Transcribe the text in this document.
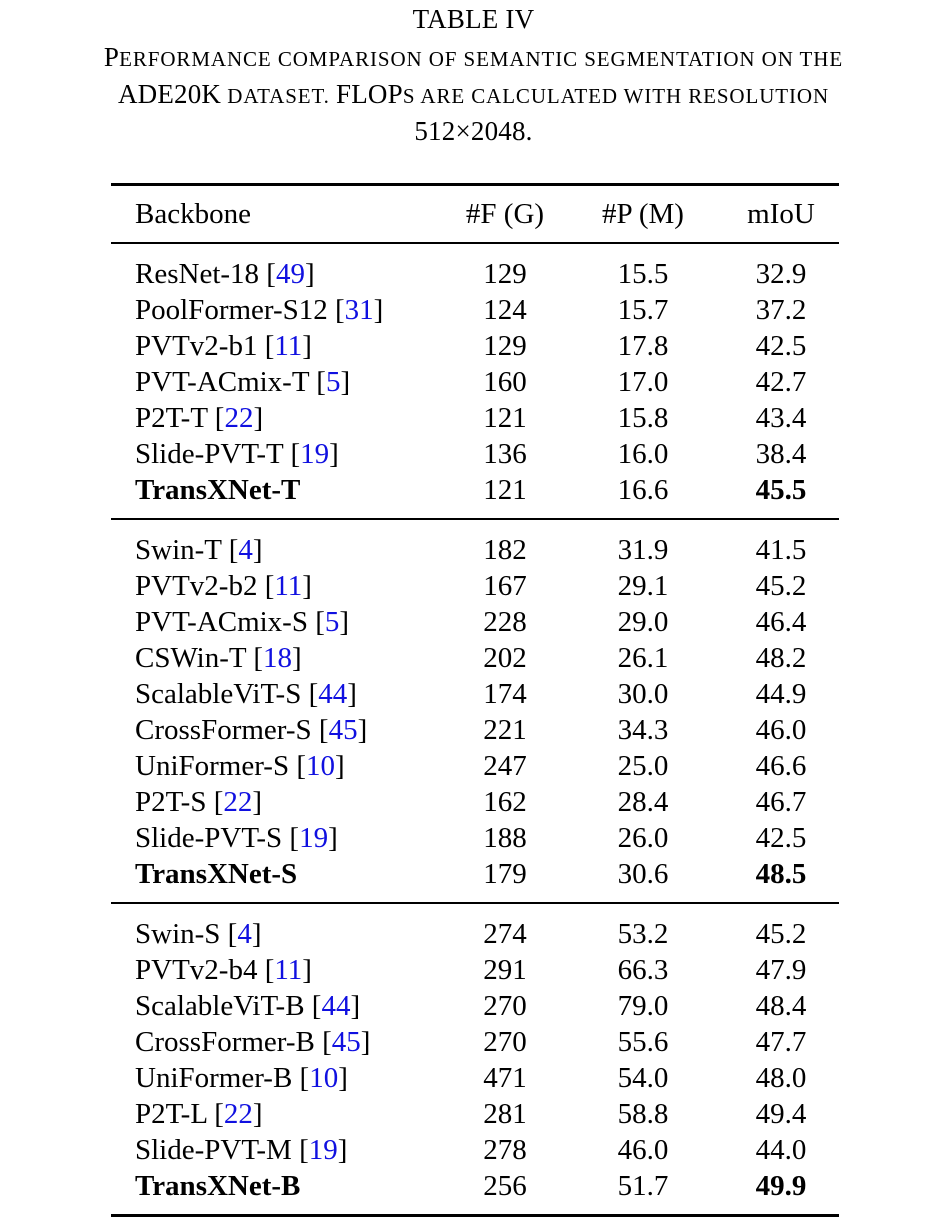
TABLE IV
PERFORMANCE COMPARISON OF SEMANTIC SEGMENTATION ON THE
ADE20K DATASET. FLOPS ARE CALCULATED WITH RESOLUTION
512×2048.
Backbone	#F (G)	#P (M)	mIoU

ResNet-18 [49]	129	15.5	32.9
PoolFormer-S12 [31]	124	15.7	37.2
PVTv2-b1 [11]	129	17.8	42.5
PVT-ACmix-T [5]	160	17.0	42.7
P2T-T [22]	121	15.8	43.4
Slide-PVT-T [19]	136	16.0	38.4
TransXNet-T	121	16.6	45.5

Swin-T [4]	182	31.9	41.5
PVTv2-b2 [11]	167	29.1	45.2
PVT-ACmix-S [5]	228	29.0	46.4
CSWin-T [18]	202	26.1	48.2
ScalableViT-S [44]	174	30.0	44.9
CrossFormer-S [45]	221	34.3	46.0
UniFormer-S [10]	247	25.0	46.6
P2T-S [22]	162	28.4	46.7
Slide-PVT-S [19]	188	26.0	42.5
TransXNet-S	179	30.6	48.5

Swin-S [4]	274	53.2	45.2
PVTv2-b4 [11]	291	66.3	47.9
ScalableViT-B [44]	270	79.0	48.4
CrossFormer-B [45]	270	55.6	47.7
UniFormer-B [10]	471	54.0	48.0
P2T-L [22]	281	58.8	49.4
Slide-PVT-M [19]	278	46.0	44.0
TransXNet-B	256	51.7	49.9
